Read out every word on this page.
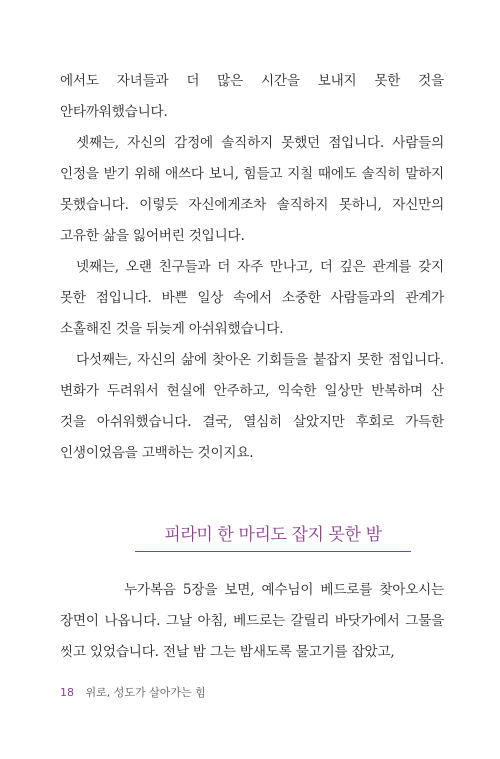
에서도 자녀들과 더 많은 시간을 보내지 못한 것을 안타까워했습니다.

셋째는, 자신의 감정에 솔직하지 못했던 점입니다. 사람들의 인정을 받기 위해 애쓰다 보니, 힘들고 지칠 때에도 솔직히 말하지 못했습니다. 이렇듯 자신에게조차 솔직하지 못하니, 자신만의 고유한 삶을 잃어버린 것입니다.

넷째는, 오랜 친구들과 더 자주 만나고, 더 깊은 관계를 갖지 못한 점입니다. 바쁜 일상 속에서 소중한 사람들과의 관계가 소홀해진 것을 뒤늦게 아쉬워했습니다.

다섯째는, 자신의 삶에 찾아온 기회들을 붙잡지 못한 점입니다. 변화가 두려워서 현실에 안주하고, 익숙한 일상만 반복하며 산 것을 아쉬워했습니다. 결국, 열심히 살았지만 후회로 가득한 인생이었음을 고백하는 것이지요.

피라미 한 마리도 잡지 못한 밤

누가복음 5장을 보면, 예수님이 베드로를 찾아오시는 장면이 나옵니다. 그날 아침, 베드로는 갈릴리 바닷가에서 그물을 씻고 있었습니다. 전날 밤 그는 밤새도록 물고기를 잡았고,

18 위로, 성도가 살아가는 힘
